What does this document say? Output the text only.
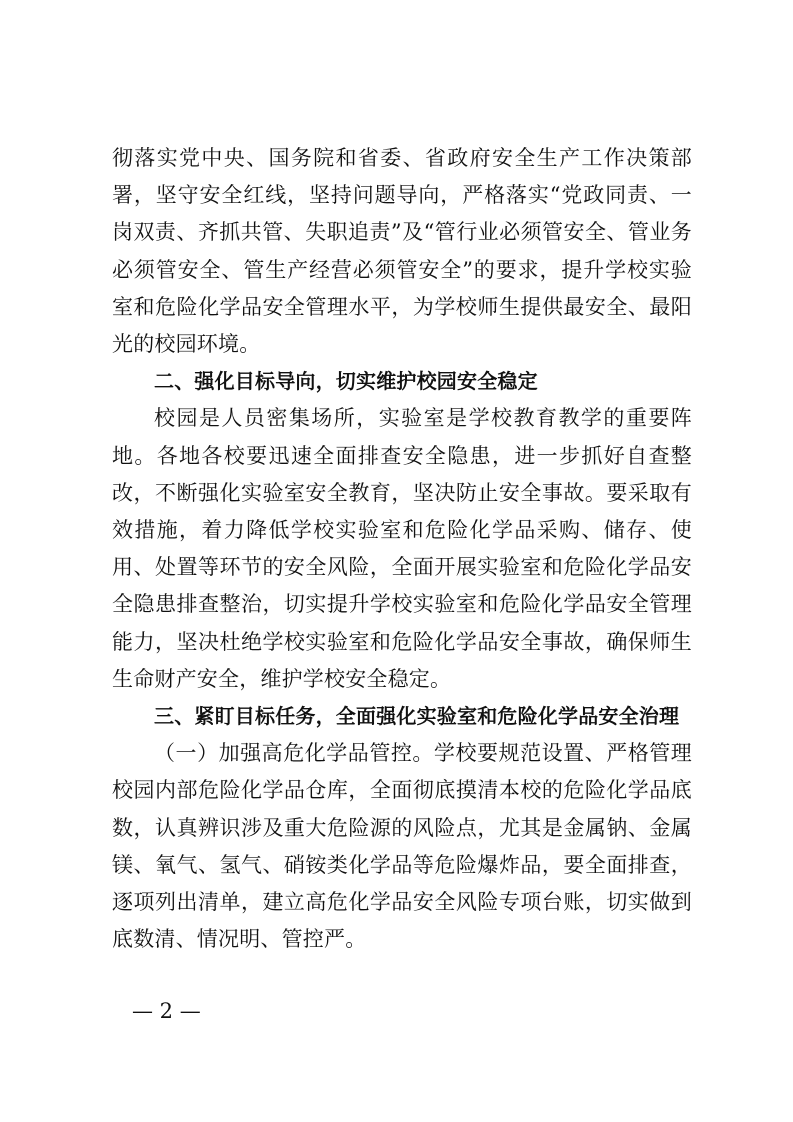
彻落实党中央、国务院和省委、省政府安全生产工作决策部署，坚守安全红线，坚持问题导向，严格落实“党政同责、一岗双责、齐抓共管、失职追责”及“管行业必须管安全、管业务必须管安全、管生产经营必须管安全”的要求，提升学校实验室和危险化学品安全管理水平，为学校师生提供最安全、最阳光的校园环境。

二、强化目标导向，切实维护校园安全稳定

校园是人员密集场所，实验室是学校教育教学的重要阵地。各地各校要迅速全面排查安全隐患，进一步抓好自查整改，不断强化实验室安全教育，坚决防止安全事故。要采取有效措施，着力降低学校实验室和危险化学品采购、储存、使用、处置等环节的安全风险，全面开展实验室和危险化学品安全隐患排查整治，切实提升学校实验室和危险化学品安全管理能力，坚决杜绝学校实验室和危险化学品安全事故，确保师生生命财产安全，维护学校安全稳定。

三、紧盯目标任务，全面强化实验室和危险化学品安全治理

（一）加强高危化学品管控。学校要规范设置、严格管理校园内部危险化学品仓库，全面彻底摸清本校的危险化学品底数，认真辨识涉及重大危险源的风险点，尤其是金属钠、金属镁、氧气、氢气、硝铵类化学品等危险爆炸品，要全面排查，逐项列出清单，建立高危化学品安全风险专项台账，切实做到底数清、情况明、管控严。

— 2 —
